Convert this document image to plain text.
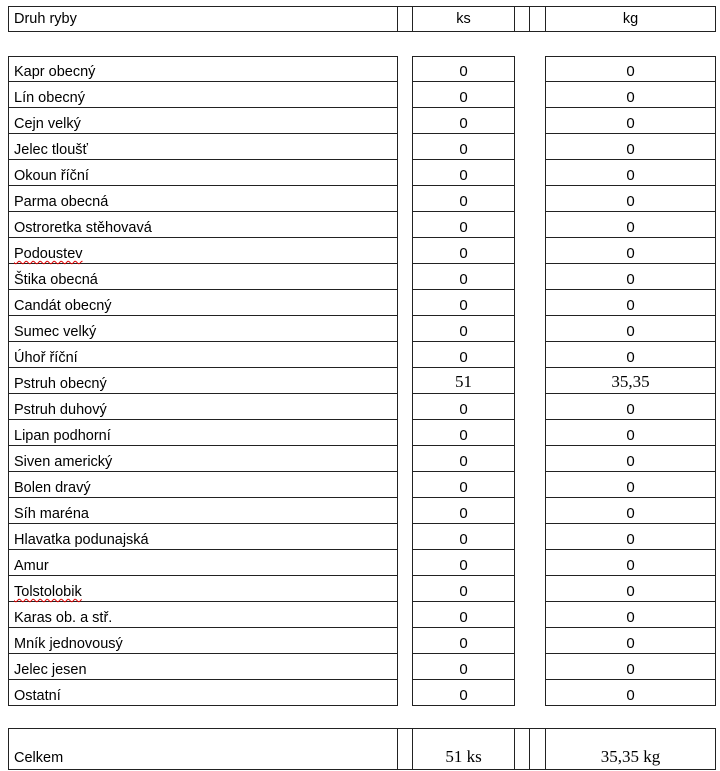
Druh ryby	ks	kg
Kapr obecný	0	0
Lín obecný	0	0
Cejn velký	0	0
Jelec tloušť	0	0
Okoun říční	0	0
Parma obecná	0	0
Ostroretka stěhovavá	0	0
Podoustev	0	0
Štika obecná	0	0
Candát obecný	0	0
Sumec velký	0	0
Úhoř říční	0	0
Pstruh obecný	51	35,35
Pstruh duhový	0	0
Lipan podhorní	0	0
Siven americký	0	0
Bolen dravý	0	0
Síh maréna	0	0
Hlavatka podunajská	0	0
Amur	0	0
Tolstolobik	0	0
Karas ob. a stř.	0	0
Mník jednovousý	0	0
Jelec jesen	0	0
Ostatní	0	0
Celkem	51 ks	35,35 kg
